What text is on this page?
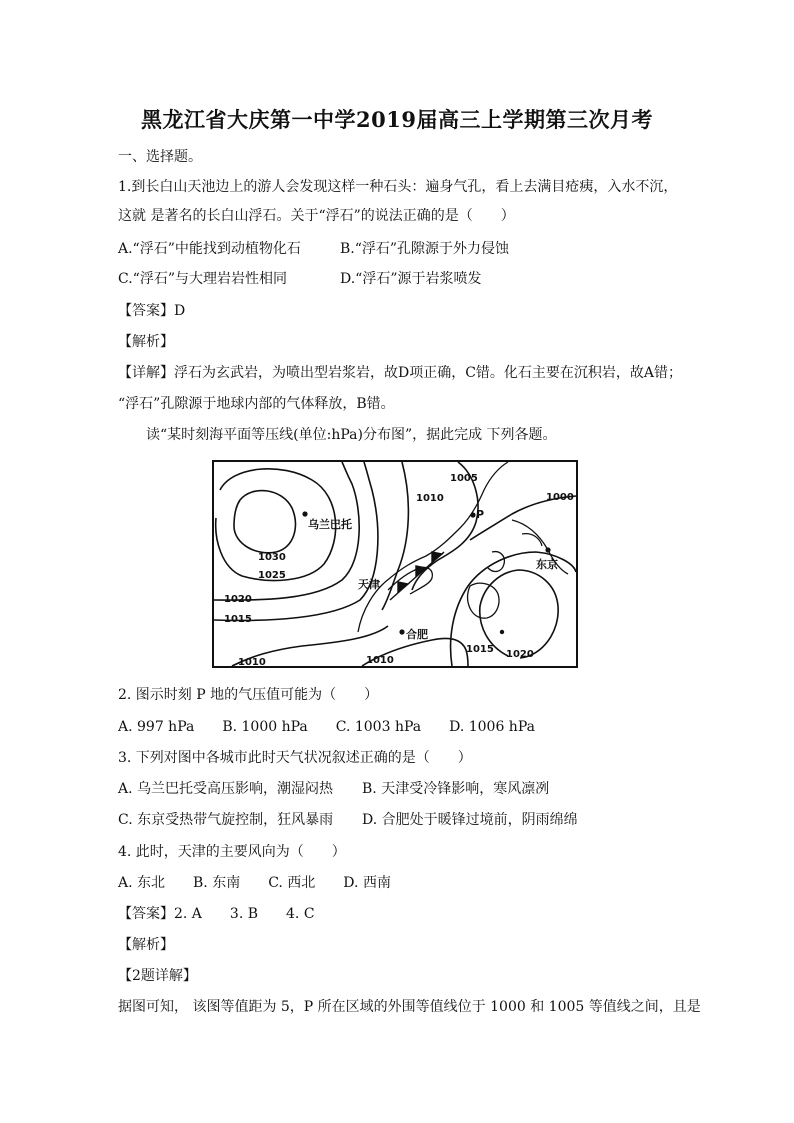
黑龙江省大庆第一中学2019届高三上学期第三次月考
一、选择题。
1.到长白山天池边上的游人会发现这样一种石头：遍身气孔，看上去满目疮痍，入水不沉，
这就 是著名的长白山浮石。关于“浮石”的说法正确的是（　　）
A.“浮石”中能找到动植物化石	B.“浮石”孔隙源于外力侵蚀
C.“浮石”与大理岩岩性相同	D.“浮石”源于岩浆喷发
【答案】D
【解析】
【详解】浮石为玄武岩，为喷出型岩浆岩，故D项正确，C错。化石主要在沉积岩，故A错；
“浮石”孔隙源于地球内部的气体释放，B错。
读“某时刻海平面等压线(单位:hPa)分布图”，据此完成 下列各题。
乌兰巴托
天津
合肥
东京
P
1030
1025
1020
1015
1010
1010
1005
1000
1010
1015 1020
2. 图示时刻 P 地的气压值可能为（　　）
A. 997 hPa　　B. 1000 hPa　　C. 1003 hPa　　D. 1006 hPa
3. 下列对图中各城市此时天气状况叙述正确的是（　　）
A. 乌兰巴托受高压影响，潮湿闷热 B. 天津受冷锋影响，寒风凛冽
C. 东京受热带气旋控制，狂风暴雨 D. 合肥处于暖锋过境前，阴雨绵绵
4. 此时，天津的主要风向为（　　）
A. 东北　　B. 东南　　C. 西北　　D. 西南
【答案】2. A　　3. B　　4. C
【解析】
【2题详解】
据图可知， 该图等值距为 5，P 所在区域的外围等值线位于 1000 和 1005 等值线之间，且是
